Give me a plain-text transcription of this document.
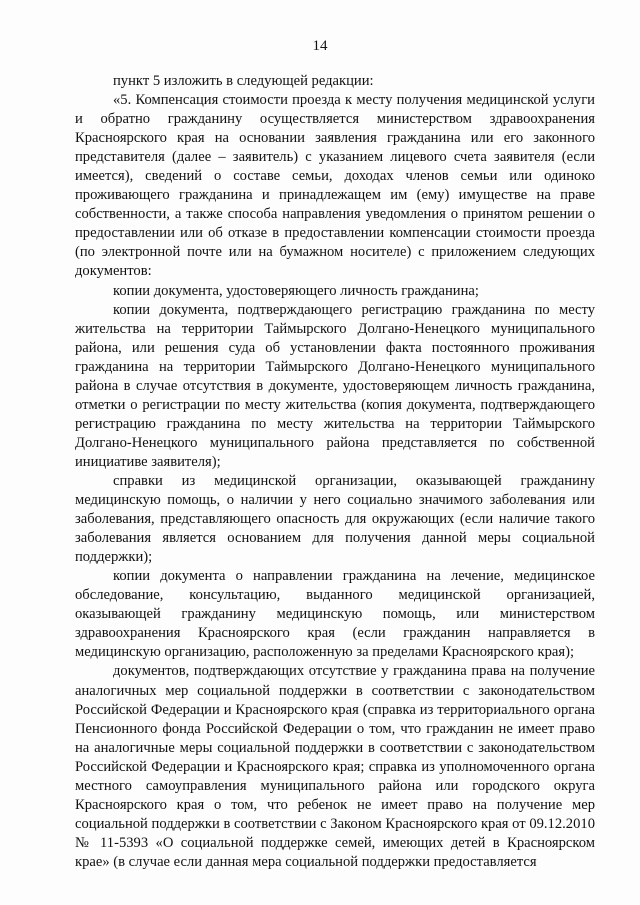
14

пункт 5 изложить в следующей редакции:

«5. Компенсация стоимости проезда к месту получения медицинской услуги и обратно гражданину осуществляется министерством здравоохранения Красноярского края на основании заявления гражданина или его законного представителя (далее – заявитель) с указанием лицевого счета заявителя (если имеется), сведений о составе семьи, доходах членов семьи или одиноко проживающего гражданина и принадлежащем им (ему) имуществе на праве собственности, а также способа направления уведомления о принятом решении о предоставлении или об отказе в предоставлении компенсации стоимости проезда (по электронной почте или на бумажном носителе) с приложением следующих документов:

копии документа, удостоверяющего личность гражданина;

копии документа, подтверждающего регистрацию гражданина по месту жительства на территории Таймырского Долгано-Ненецкого муниципального района, или решения суда об установлении факта постоянного проживания гражданина на территории Таймырского Долгано-Ненецкого муниципального района в случае отсутствия в документе, удостоверяющем личность гражданина, отметки о регистрации по месту жительства (копия документа, подтверждающего регистрацию гражданина по месту жительства на территории Таймырского Долгано-Ненецкого муниципального района представляется по собственной инициативе заявителя);

справки из медицинской организации, оказывающей гражданину медицинскую помощь, о наличии у него социально значимого заболевания или заболевания, представляющего опасность для окружающих (если наличие такого заболевания является основанием для получения данной меры социальной поддержки);

копии документа о направлении гражданина на лечение, медицинское обследование, консультацию, выданного медицинской организацией, оказывающей гражданину медицинскую помощь, или министерством здравоохранения Красноярского края (если гражданин направляется в медицинскую организацию, расположенную за пределами Красноярского края);

документов, подтверждающих отсутствие у гражданина права на получение аналогичных мер социальной поддержки в соответствии с законодательством Российской Федерации и Красноярского края (справка из территориального органа Пенсионного фонда Российской Федерации о том, что гражданин не имеет право на аналогичные меры социальной поддержки в соответствии с законодательством Российской Федерации и Красноярского края; справка из уполномоченного органа местного самоуправления муниципального района или городского округа Красноярского края о том, что ребенок не имеет право на получение мер социальной поддержки в соответствии с Законом Красноярского края от 09.12.2010 № 11-5393 «О социальной поддержке семей, имеющих детей в Красноярском крае» (в случае если данная мера социальной поддержки предоставляется
